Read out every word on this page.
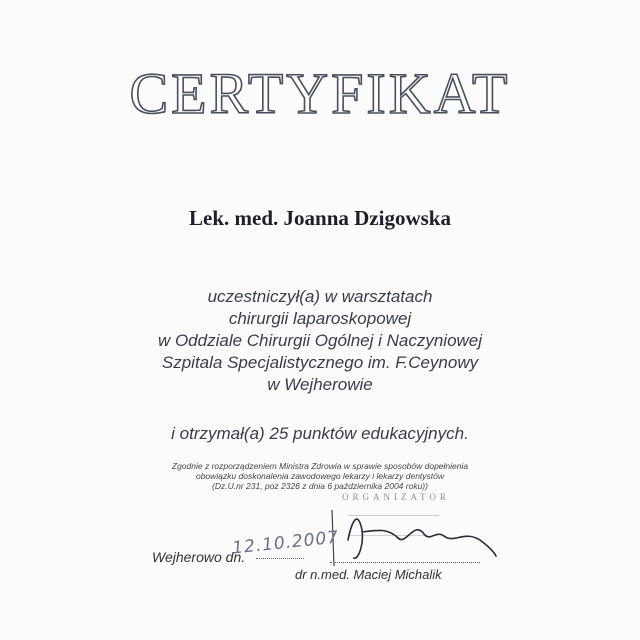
CERTYFIKAT
Lek. med. Joanna Dzigowska
uczestniczył(a) w warsztatach
chirurgii laparoskopowej
w Oddziale Chirurgii Ogólnej i Naczyniowej
Szpitala Specjalistycznego im. F.Ceynowy
w Wejherowie
i otrzymał(a) 25 punktów edukacyjnych.
Zgodnie z rozporządzeniem Ministra Zdrowia w sprawie sposobów dopełnienia
obowiązku doskonalenia zawodowego lekarzy i lekarzy dentystów
(Dz.U.nr 231, poz 2326 z dnia 6 października 2004 roku))
ORGANIZATOR
――――――――――――――
――――――――――――
12.10.2007
Wejherowo dn.
dr n.med. Maciej Michalik
